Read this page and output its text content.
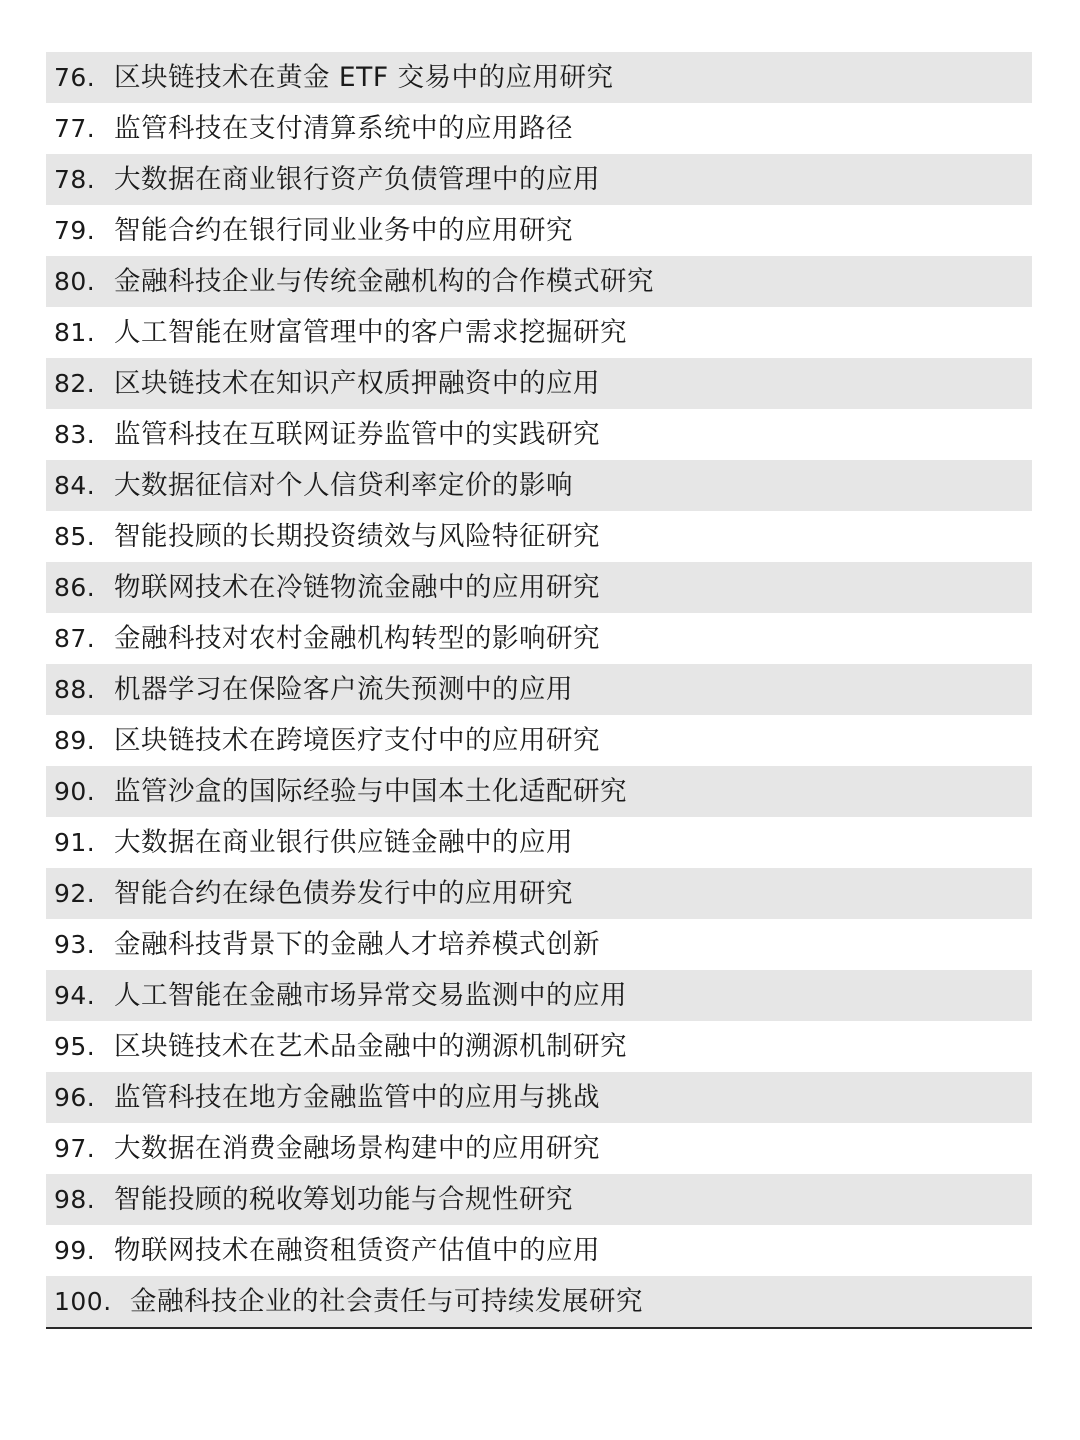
76. 区块链技术在黄金 ETF 交易中的应用研究
77. 监管科技在支付清算系统中的应用路径
78. 大数据在商业银行资产负债管理中的应用
79. 智能合约在银行同业业务中的应用研究
80. 金融科技企业与传统金融机构的合作模式研究
81. 人工智能在财富管理中的客户需求挖掘研究
82. 区块链技术在知识产权质押融资中的应用
83. 监管科技在互联网证券监管中的实践研究
84. 大数据征信对个人信贷利率定价的影响
85. 智能投顾的长期投资绩效与风险特征研究
86. 物联网技术在冷链物流金融中的应用研究
87. 金融科技对农村金融机构转型的影响研究
88. 机器学习在保险客户流失预测中的应用
89. 区块链技术在跨境医疗支付中的应用研究
90. 监管沙盒的国际经验与中国本土化适配研究
91. 大数据在商业银行供应链金融中的应用
92. 智能合约在绿色债券发行中的应用研究
93. 金融科技背景下的金融人才培养模式创新
94. 人工智能在金融市场异常交易监测中的应用
95. 区块链技术在艺术品金融中的溯源机制研究
96. 监管科技在地方金融监管中的应用与挑战
97. 大数据在消费金融场景构建中的应用研究
98. 智能投顾的税收筹划功能与合规性研究
99. 物联网技术在融资租赁资产估值中的应用
100. 金融科技企业的社会责任与可持续发展研究
